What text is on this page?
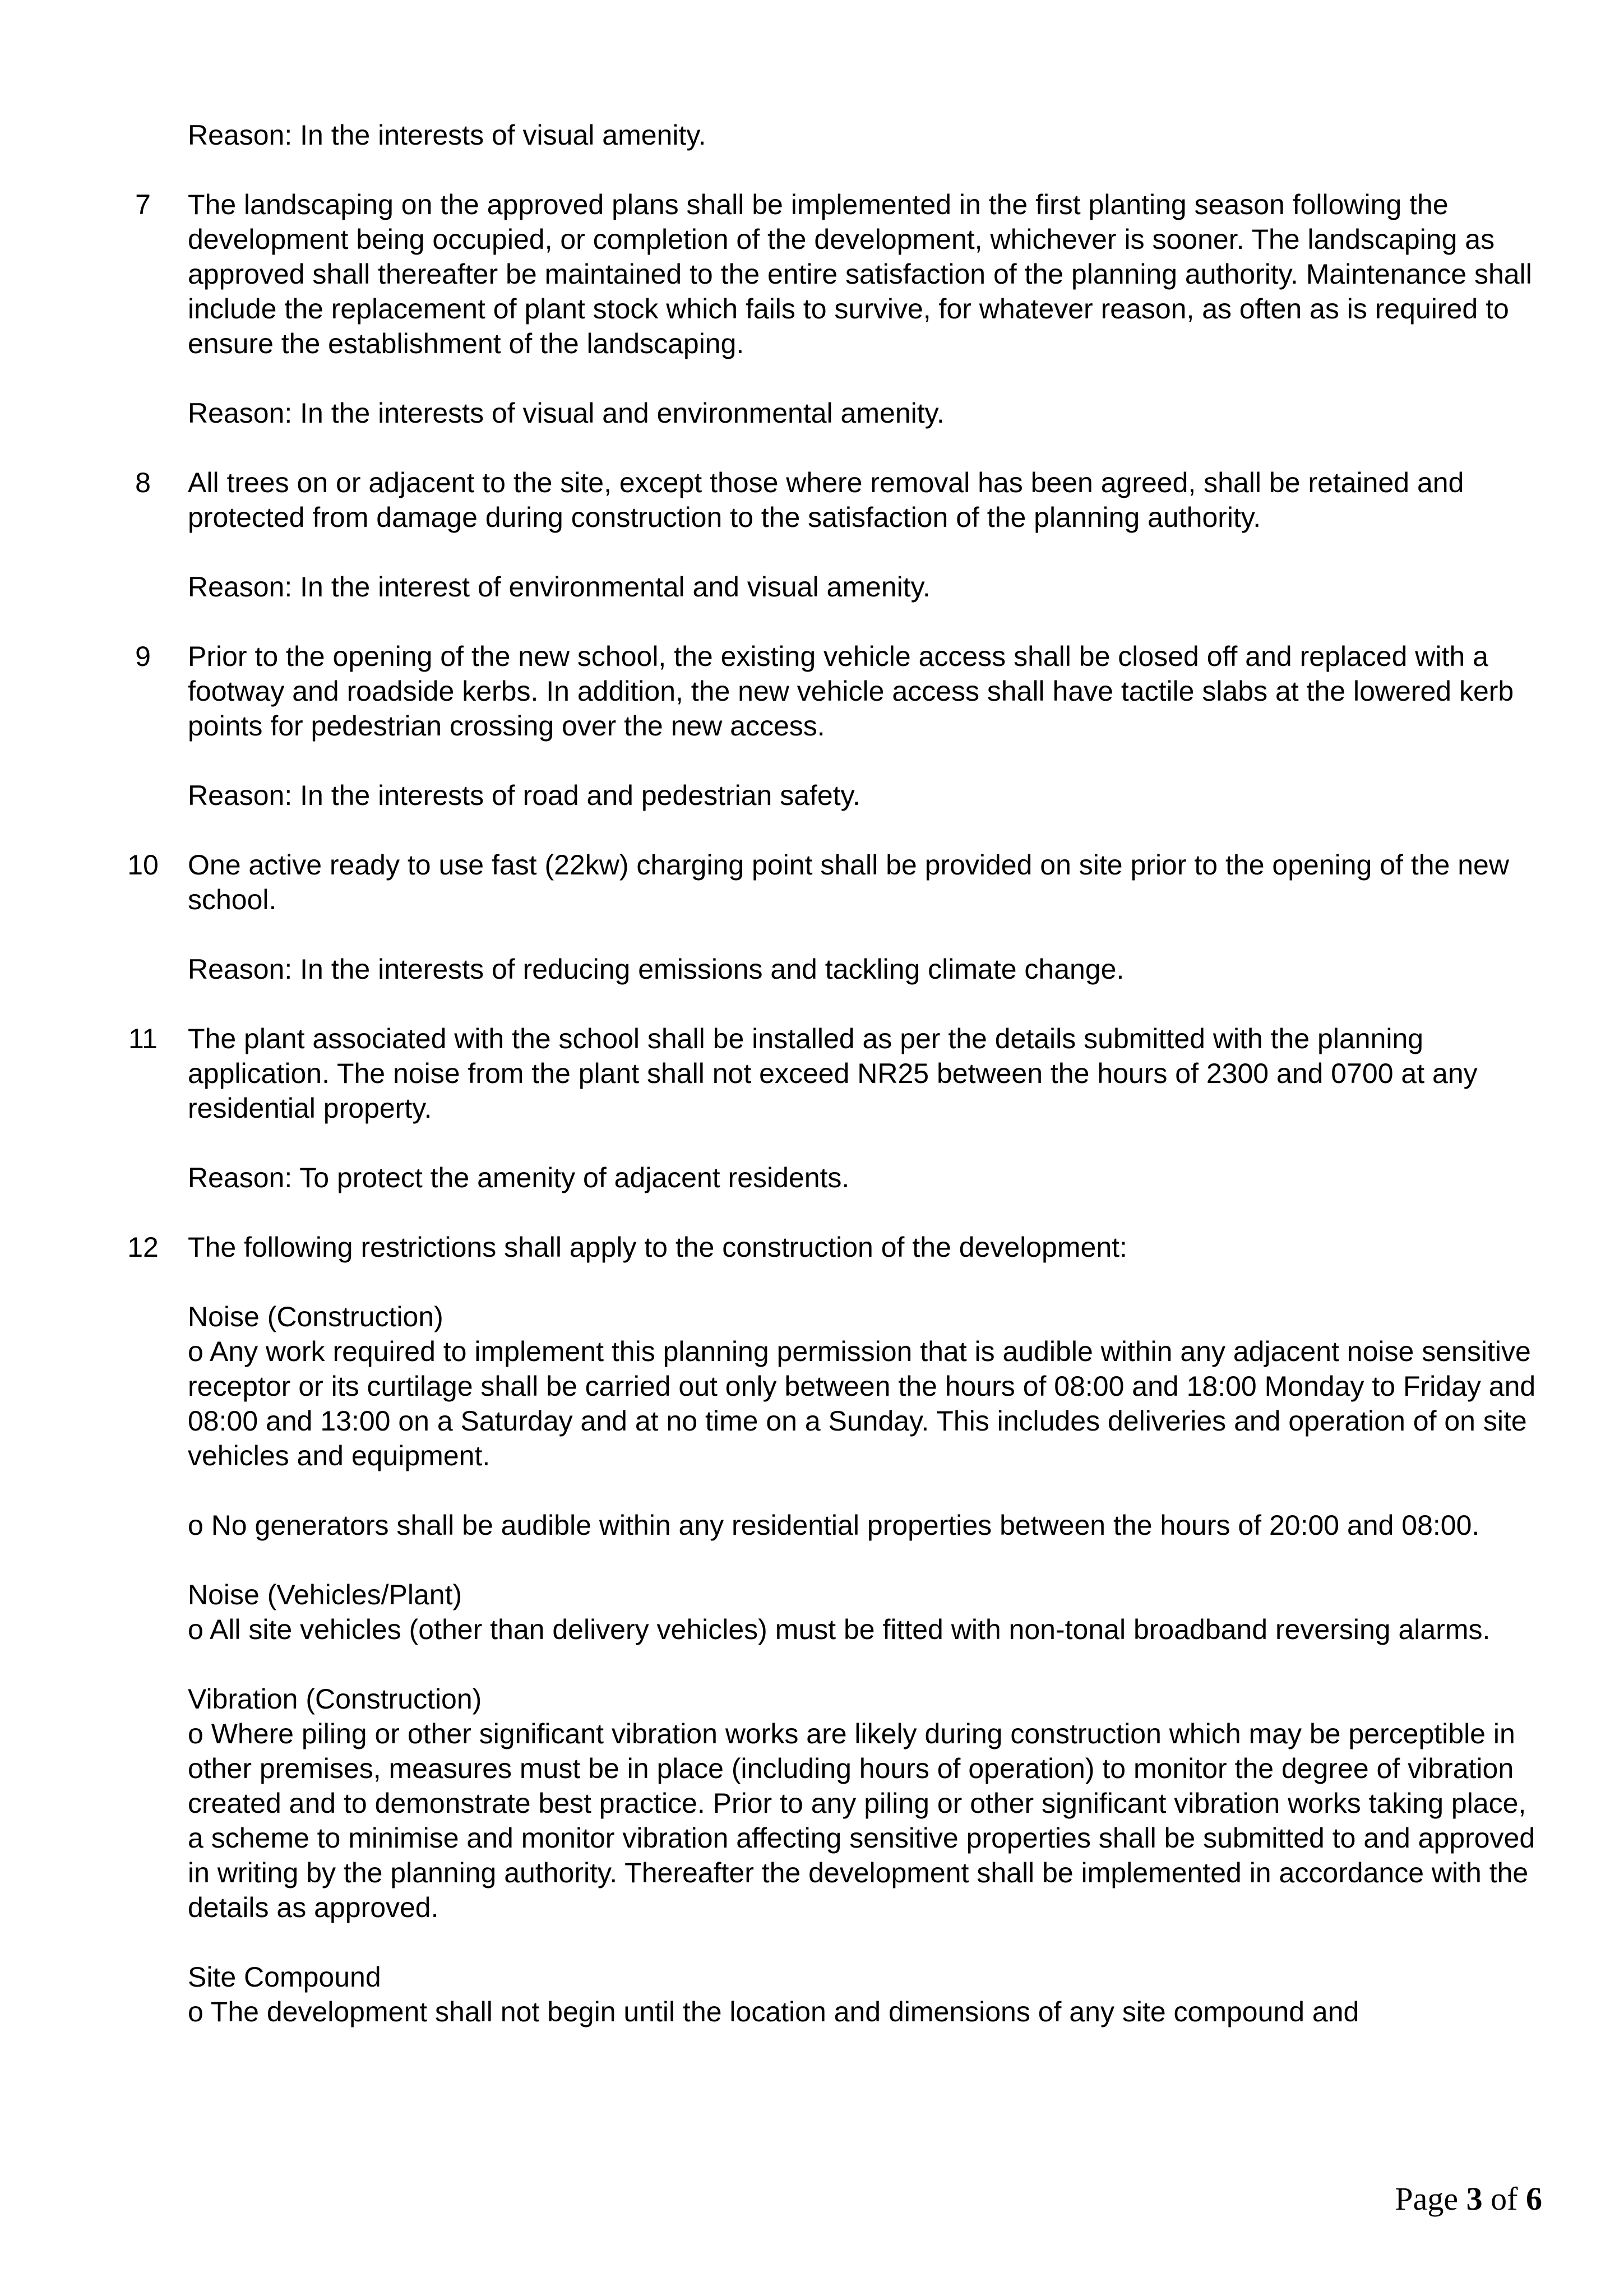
Reason: In the interests of visual amenity.

7	The landscaping on the approved plans shall be implemented in the first planting season following the development being occupied, or completion of the development, whichever is sooner. The landscaping as approved shall thereafter be maintained to the entire satisfaction of the planning authority. Maintenance shall include the replacement of plant stock which fails to survive, for whatever reason, as often as is required to ensure the establishment of the landscaping.

Reason: In the interests of visual and environmental amenity.

8	All trees on or adjacent to the site, except those where removal has been agreed, shall be retained and protected from damage during construction to the satisfaction of the planning authority.

Reason: In the interest of environmental and visual amenity.

9	Prior to the opening of the new school, the existing vehicle access shall be closed off and replaced with a footway and roadside kerbs. In addition, the new vehicle access shall have tactile slabs at the lowered kerb points for pedestrian crossing over the new access.

Reason: In the interests of road and pedestrian safety.

10	One active ready to use fast (22kw) charging point shall be provided on site prior to the opening of the new school.

Reason: In the interests of reducing emissions and tackling climate change.

11	The plant associated with the school shall be installed as per the details submitted with the planning application. The noise from the plant shall not exceed NR25 between the hours of 2300 and 0700 at any residential property.

Reason: To protect the amenity of adjacent residents.

12	The following restrictions shall apply to the construction of the development:

Noise (Construction)
o Any work required to implement this planning permission that is audible within any adjacent noise sensitive receptor or its curtilage shall be carried out only between the hours of 08:00 and 18:00 Monday to Friday and 08:00 and 13:00 on a Saturday and at no time on a Sunday. This includes deliveries and operation of on site vehicles and equipment.

o No generators shall be audible within any residential properties between the hours of 20:00 and 08:00.

Noise (Vehicles/Plant)
o All site vehicles (other than delivery vehicles) must be fitted with non-tonal broadband reversing alarms.

Vibration (Construction)
o Where piling or other significant vibration works are likely during construction which may be perceptible in other premises, measures must be in place (including hours of operation) to monitor the degree of vibration created and to demonstrate best practice. Prior to any piling or other significant vibration works taking place, a scheme to minimise and monitor vibration affecting sensitive properties shall be submitted to and approved in writing by the planning authority. Thereafter the development shall be implemented in accordance with the details as approved.

Site Compound
o The development shall not begin until the location and dimensions of any site compound and

Page 3 of 6
